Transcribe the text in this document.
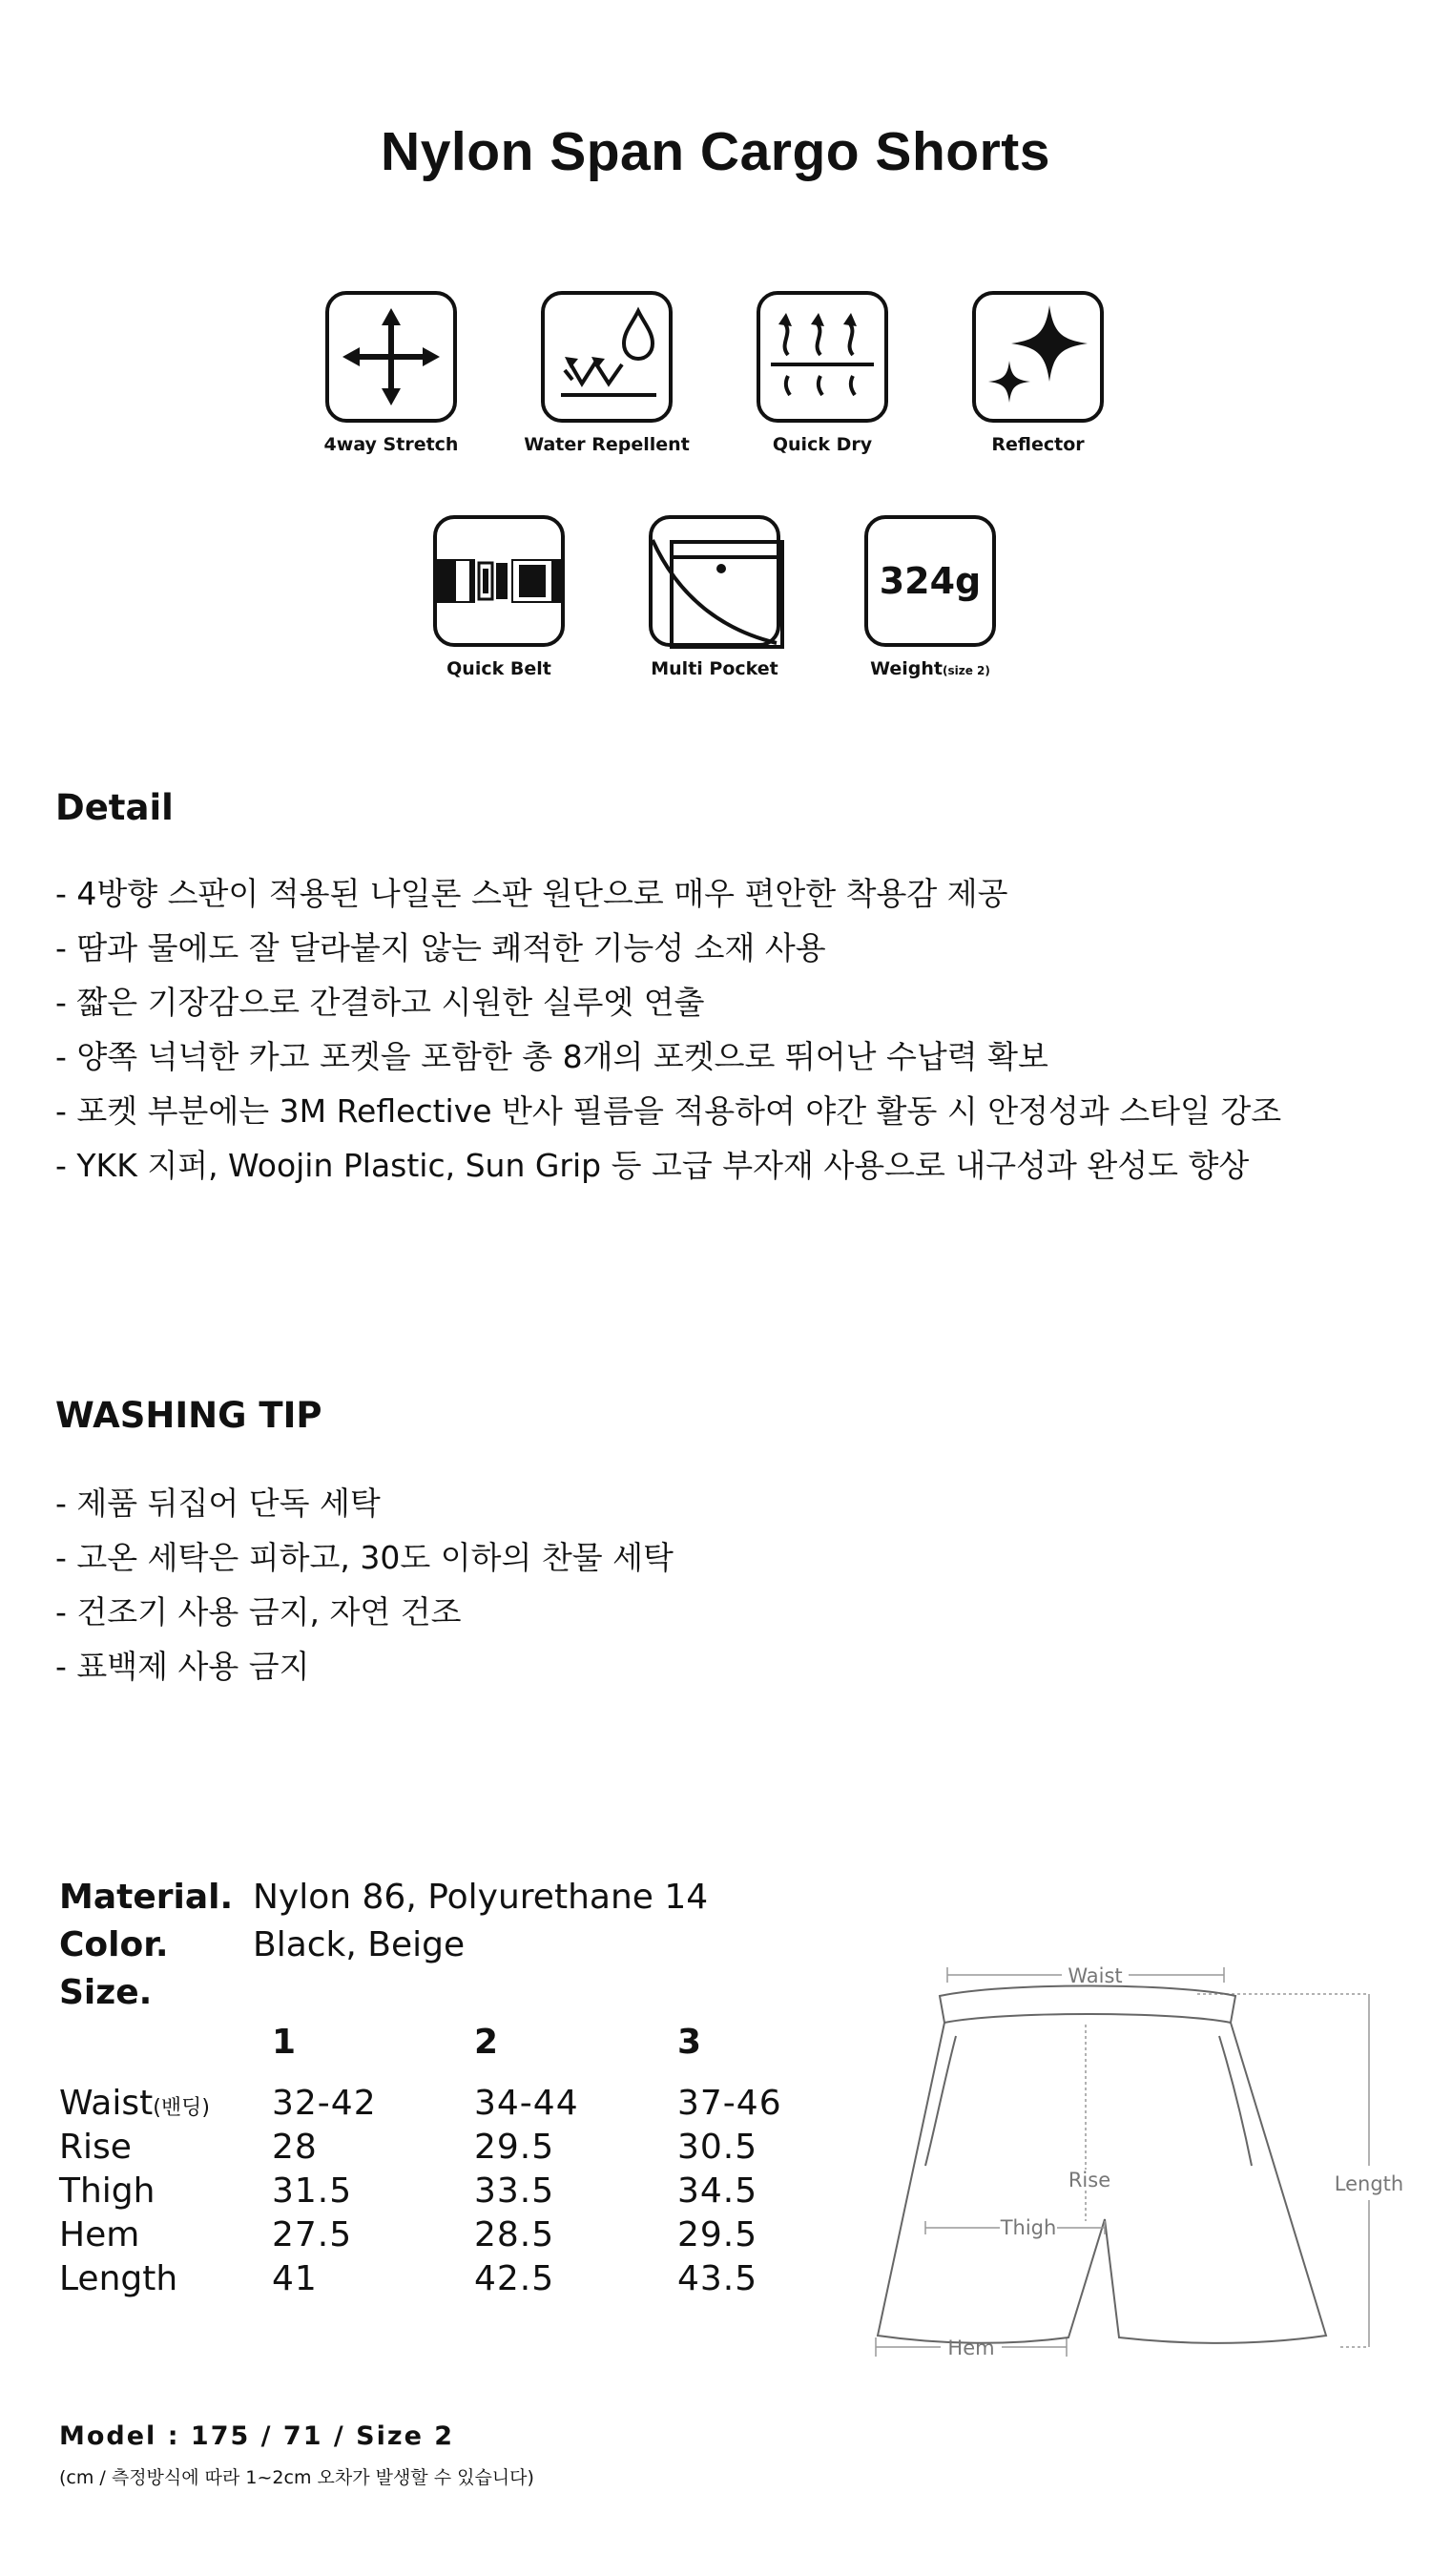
Nylon Span Cargo Shorts
4way Stretch	Water Repellent	Quick Dry	Reflector
Quick Belt	Multi Pocket
324g
Weight(size 2)
Detail
- 4방향 스판이 적용된 나일론 스판 원단으로 매우 편안한 착용감 제공
- 땀과 물에도 잘 달라붙지 않는 쾌적한 기능성 소재 사용
- 짧은 기장감으로 간결하고 시원한 실루엣 연출
- 양쪽 넉넉한 카고 포켓을 포함한 총 8개의 포켓으로 뛰어난 수납력 확보
- 포켓 부분에는 3M Reflective 반사 필름을 적용하여 야간 활동 시 안정성과 스타일 강조
- YKK 지퍼, Woojin Plastic, Sun Grip 등 고급 부자재 사용으로 내구성과 완성도 향상
WASHING TIP
- 제품 뒤집어 단독 세탁
- 고온 세탁은 피하고, 30도 이하의 찬물 세탁
- 건조기 사용 금지, 자연 건조
- 표백제 사용 금지
Material. Nylon 86, Polyurethane 14
Color. Black, Beige
Size.
1	2	3
Waist(밴딩) 32-42	34-44	37-46
Rise	28	29.5	30.5
Thigh	31.5	33.5	34.5
Hem	27.5	28.5	29.5
Length	41	42.5	43.5
Waist
Rise	Length
Thigh
Hem
Model : 175 / 71 / Size 2
(cm / 측정방식에 따라 1~2cm 오차가 발생할 수 있습니다)
